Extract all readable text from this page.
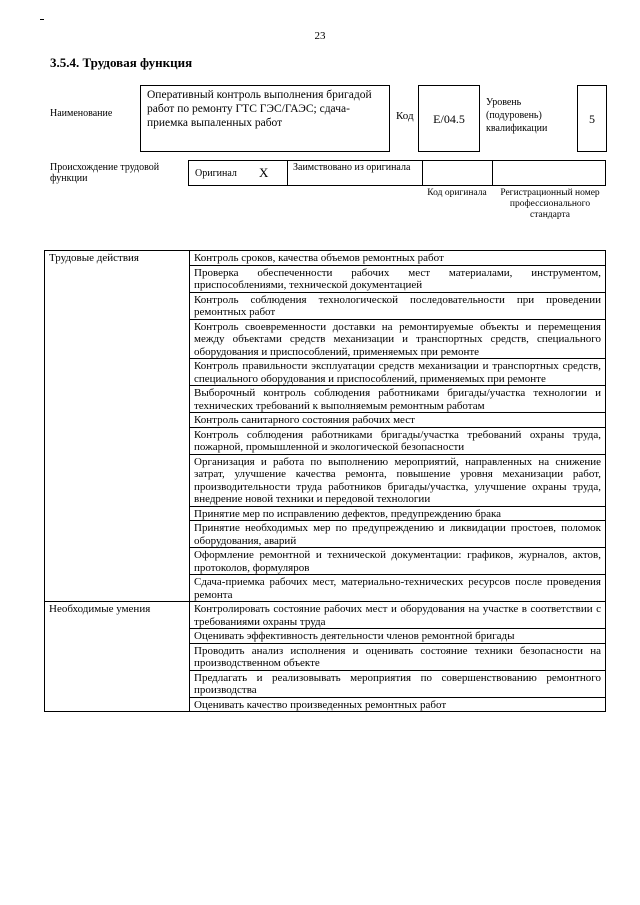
23
3.5.4. Трудовая функция
Наименование
Оперативный контроль выполнения бригадой работ по ремонту ГТС ГЭС/ГАЭС; сдача-приемка выпаленных работ
Код	E/04.5
Уровень (подуровень) квалификации
5
Происхождение трудовой функции	Оригинал X Заимствовано из оригинала
Код оригинала	Регистрационный номер профессионального стандарта
Трудовые действия	Контроль сроков, качества объемов ремонтных работ
	Проверка обеспеченности рабочих мест материалами, инструментом, приспособлениями, технической документацией
	Контроль соблюдения технологической последовательности при проведении ремонтных работ
	Контроль своевременности доставки на ремонтируемые объекты и перемещения между объектами средств механизации и транспортных средств, специального оборудования и приспособлений, применяемых при ремонте
	Контроль правильности эксплуатации средств механизации и транспортных средств, специального оборудования и приспособлений, применяемых при ремонте
	Выборочный контроль соблюдения работниками бригады/участка технологии и технических требований к выполняемым ремонтным работам
	Контроль санитарного состояния рабочих мест
	Контроль соблюдения работниками бригады/участка требований охраны труда, пожарной, промышленной и экологической безопасности
	Организация и работа по выполнению мероприятий, направленных на снижение затрат, улучшение качества ремонта, повышение уровня механизации работ, производительности труда работников бригады/участка, улучшение охраны труда, внедрение новой техники и передовой технологии
	Принятие мер по исправлению дефектов, предупреждению брака
	Принятие необходимых мер по предупреждению и ликвидации простоев, поломок оборудования, аварий
	Оформление ремонтной и технической документации: графиков, журналов, актов, протоколов, формуляров
	Сдача-приемка рабочих мест, материально-технических ресурсов после проведения ремонта
Необходимые умения	Контролировать состояние рабочих мест и оборудования на участке в соответствии с требованиями охраны труда
	Оценивать эффективность деятельности членов ремонтной бригады
	Проводить анализ исполнения и оценивать состояние техники безопасности на производственном объекте
	Предлагать и реализовывать мероприятия по совершенствованию ремонтного производства
	Оценивать качество произведенных ремонтных работ
